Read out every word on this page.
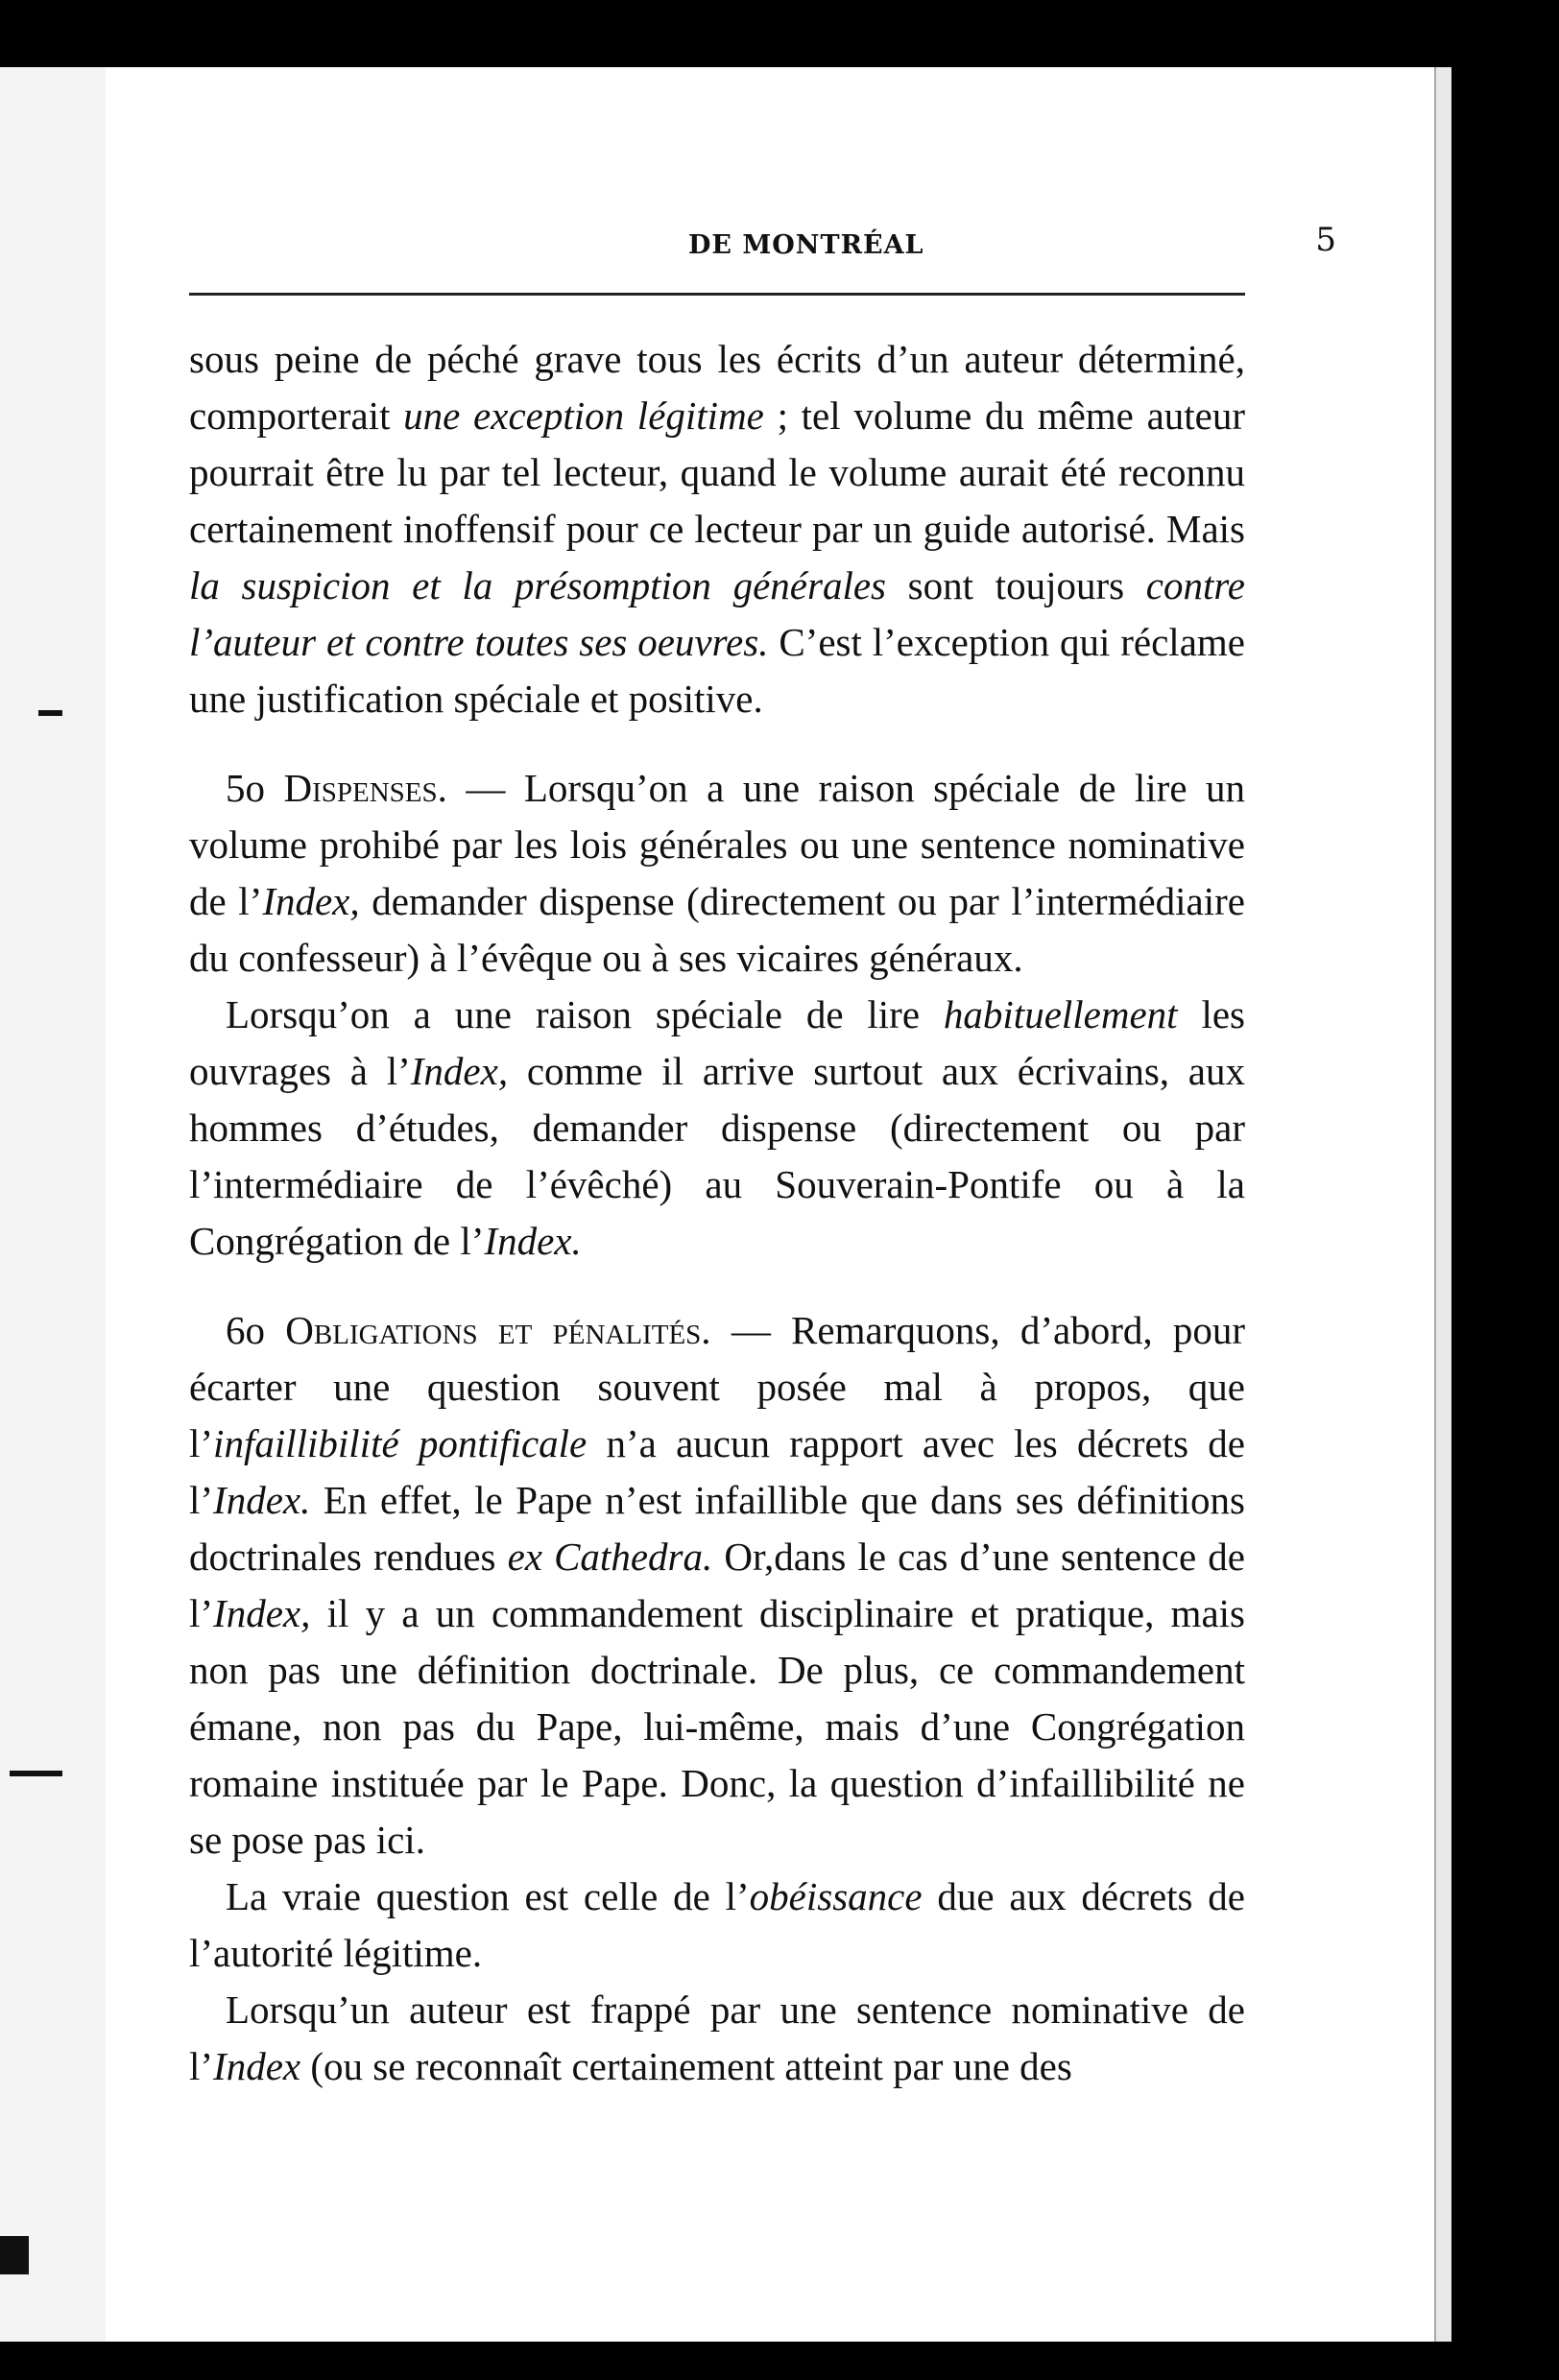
DE MONTRÉAL	5

sous peine de péché grave tous les écrits d’un auteur déterminé, comporterait une exception légitime ; tel volume du même auteur pourrait être lu par tel lecteur, quand le volume aurait été reconnu certainement inoffensif pour ce lecteur par un guide autorisé. Mais la suspicion et la présomption générales sont toujours contre l’auteur et contre toutes ses oeuvres. C’est l’exception qui réclame une justification spéciale et positive.

5o Dispenses. — Lorsqu’on a une raison spéciale de lire un volume prohibé par les lois générales ou une sentence nominative de l’Index, demander dispense (directement ou par l’intermédiaire du confesseur) à l’évêque ou à ses vicaires généraux.

Lorsqu’on a une raison spéciale de lire habituellement les ouvrages à l’Index, comme il arrive surtout aux écrivains, aux hommes d’études, demander dispense (directement ou par l’intermédiaire de l’évêché) au Souverain-Pontife ou à la Congrégation de l’Index.

6o Obligations et pénalités. — Remarquons, d’abord, pour écarter une question souvent posée mal à propos, que l’infaillibilité pontificale n’a aucun rapport avec les décrets de l’Index. En effet, le Pape n’est infaillible que dans ses définitions doctrinales rendues ex Cathedra. Or,dans le cas d’une sentence de l’Index, il y a un commandement disciplinaire et pratique, mais non pas une définition doctrinale. De plus, ce commandement émane, non pas du Pape, lui-même, mais d’une Congrégation romaine instituée par le Pape. Donc, la question d’infaillibilité ne se pose pas ici.

La vraie question est celle de l’obéissance due aux décrets de l’autorité légitime.

Lorsqu’un auteur est frappé par une sentence nominative de l’Index (ou se reconnaît certainement atteint par une des
